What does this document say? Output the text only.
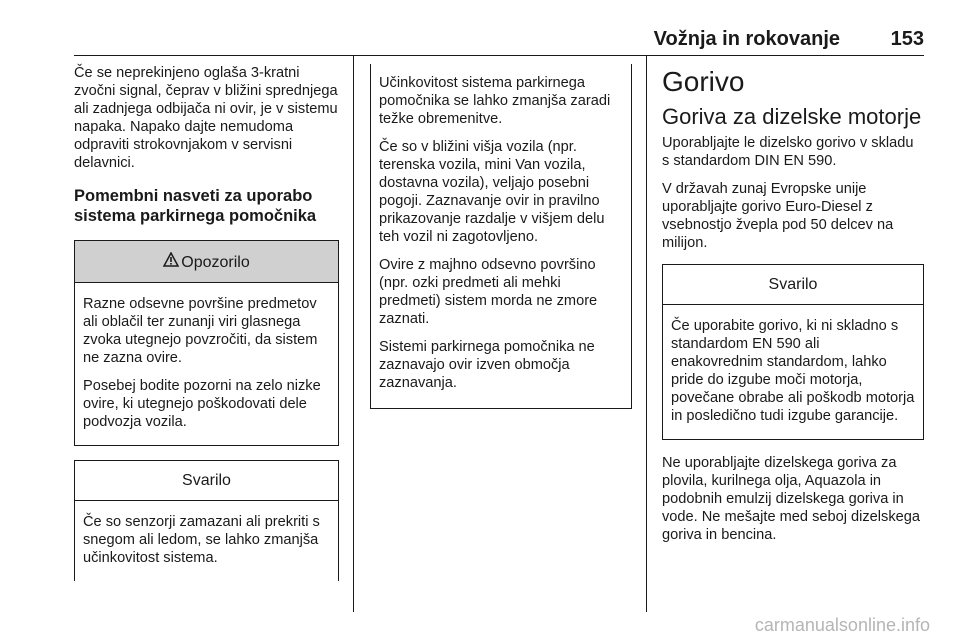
Vožnja in rokovanje	153

Če se neprekinjeno oglaša 3-kratni zvočni signal, čeprav v bližini sprednjega ali zadnjega odbijača ni ovir, je v sistemu napaka. Napako dajte nemudoma odpraviti strokovnjakom v servisni delavnici.

Pomembni nasveti za uporabo sistema parkirnega pomočnika
Opozorilo

Razne odsevne površine predmetov ali oblačil ter zunanji viri glasnega zvoka utegnejo povzročiti, da sistem ne zazna ovire.

Posebej bodite pozorni na zelo nizke ovire, ki utegnejo poškodovati dele podvozja vozila.

Svarilo

Če so senzorji zamazani ali prekriti s snegom ali ledom, se lahko zmanjša učinkovitost sistema.

Učinkovitost sistema parkirnega pomočnika se lahko zmanjša zaradi težke obremenitve.

Če so v bližini višja vozila (npr. terenska vozila, mini Van vozila, dostavna vozila), veljajo posebni pogoji. Zaznavanje ovir in pravilno prikazovanje razdalje v višjem delu teh vozil ni zagotovljeno.

Ovire z majhno odsevno površino (npr. ozki predmeti ali mehki predmeti) sistem morda ne zmore zaznati.

Sistemi parkirnega pomočnika ne zaznavajo ovir izven območja zaznavanja.

Gorivo
Goriva za dizelske motorje

Uporabljajte le dizelsko gorivo v skladu s standardom DIN EN 590.

V državah zunaj Evropske unije uporabljajte gorivo Euro-Diesel z vsebnostjo žvepla pod 50 delcev na milijon.

Svarilo

Če uporabite gorivo, ki ni skladno s standardom EN 590 ali enakovrednim standardom, lahko pride do izgube moči motorja, povečane obrabe ali poškodb motorja in posledično tudi izgube garancije.

Ne uporabljajte dizelskega goriva za plovila, kurilnega olja, Aquazola in podobnih emulzij dizelskega goriva in vode. Ne mešajte med seboj dizelskega goriva in bencina.

carmanualsonline.info
